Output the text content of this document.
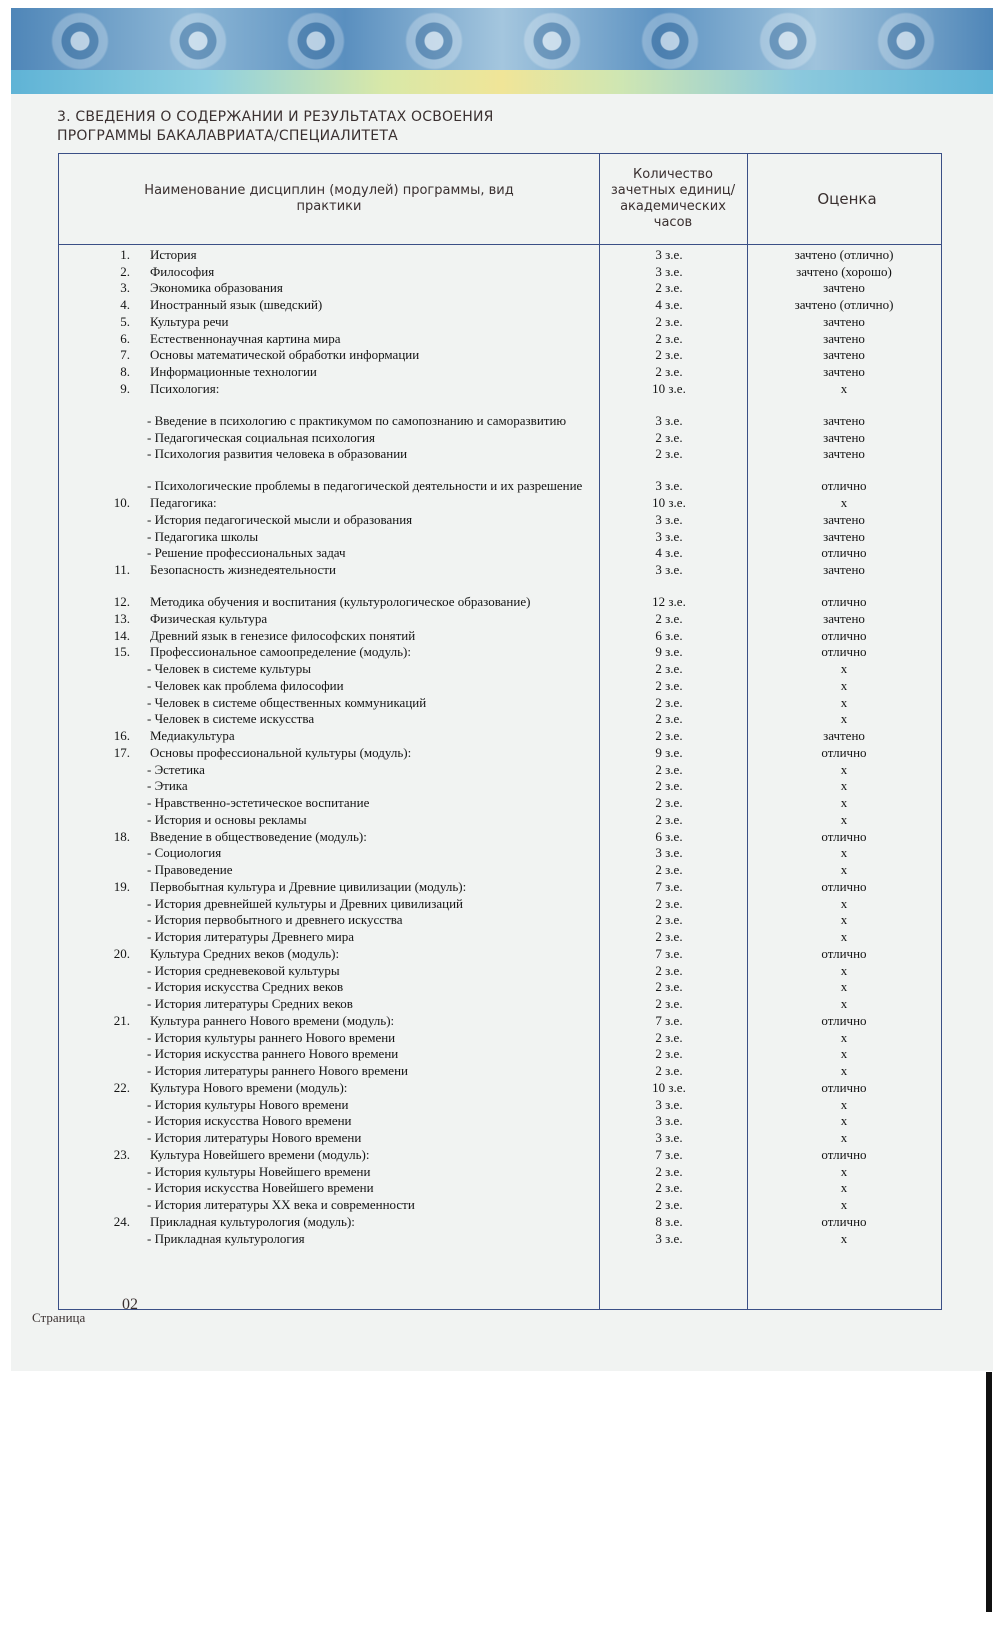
3. СВЕДЕНИЯ О СОДЕРЖАНИИ И РЕЗУЛЬТАТАХ ОСВОЕНИЯ
ПРОГРАММЫ БАКАЛАВРИАТА/СПЕЦИАЛИТЕТА
Наименование дисциплин (модулей) программы, вид практики
Количество зачетных единиц/ академических часов
Оценка
1.	История	3 з.е.	зачтено (отлично)
2.	Философия	3 з.е.	зачтено (хорошо)
3.	Экономика образования	2 з.е.	зачтено
4.	Иностранный язык (шведский)	4 з.е.	зачтено (отлично)
5.	Культура речи	2 з.е.	зачтено
6.	Естественнонаучная картина мира	2 з.е.	зачтено
7.	Основы математической обработки информации	2 з.е.	зачтено
8.	Информационные технологии	2 з.е.	зачтено
9.	Психология:	10 з.е.	х
- Введение в психологию с практикумом по самопознанию и саморазвитию	3 з.е.	зачтено
- Педагогическая социальная психология	2 з.е.	зачтено
- Психология развития человека в образовании	2 з.е.	зачтено
- Психологические проблемы в педагогической деятельности и их разрешение	3 з.е.	отлично
10.	Педагогика:	10 з.е.	х
- История педагогической мысли и образования	3 з.е.	зачтено
- Педагогика школы	3 з.е.	зачтено
- Решение профессиональных задач	4 з.е.	отлично
11.	Безопасность жизнедеятельности	3 з.е.	зачтено
12.	Методика обучения и воспитания (культурологическое образование)	12 з.е.	отлично
13.	Физическая культура	2 з.е.	зачтено
14.	Древний язык в генезисе философских понятий	6 з.е.	отлично
15.	Профессиональное самоопределение (модуль):	9 з.е.	отлично
- Человек в системе культуры	2 з.е.	х
- Человек как проблема философии	2 з.е.	х
- Человек в системе общественных коммуникаций	2 з.е.	х
- Человек в системе искусства	2 з.е.	х
16.	Медиакультура	2 з.е.	зачтено
17.	Основы профессиональной культуры (модуль):	9 з.е.	отлично
- Эстетика	2 з.е.	х
- Этика	2 з.е.	х
- Нравственно-эстетическое воспитание	2 з.е.	х
- История и основы рекламы	2 з.е.	х
18.	Введение в обществоведение (модуль):	6 з.е.	отлично
- Социология	3 з.е.	х
- Правоведение	2 з.е.	х
19.	Первобытная культура и Древние цивилизации (модуль):	7 з.е.	отлично
- История древнейшей культуры и Древних цивилизаций	2 з.е.	х
- История первобытного и древнего искусства	2 з.е.	х
- История литературы Древнего мира	2 з.е.	х
20.	Культура Средних веков (модуль):	7 з.е.	отлично
- История средневековой культуры	2 з.е.	х
- История искусства Средних веков	2 з.е.	х
- История литературы Средних веков	2 з.е.	х
21.	Культура раннего Нового времени (модуль):	7 з.е.	отлично
- История культуры раннего Нового времени	2 з.е.	х
- История искусства раннего Нового времени	2 з.е.	х
- История литературы раннего Нового времени	2 з.е.	х
22.	Культура Нового времени (модуль):	10 з.е.	отлично
- История культуры Нового времени	3 з.е.	х
- История искусства Нового времени	3 з.е.	х
- История литературы Нового времени	3 з.е.	х
23.	Культура Новейшего времени (модуль):	7 з.е.	отлично
- История культуры Новейшего времени	2 з.е.	х
- История искусства Новейшего времени	2 з.е.	х
- История литературы XX века и современности	2 з.е.	х
24.	Прикладная культурология (модуль):	8 з.е.	отлично
- Прикладная культурология	3 з.е.	х
02
Страница
